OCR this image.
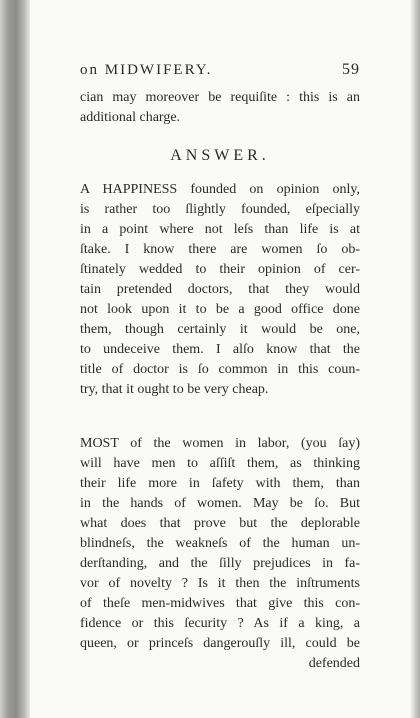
on MIDWIFERY.	59
cian may moreover be requiſite : this is an
additional charge.
ANSWER.
A HAPPINESS founded on opinion only,
is rather too ſlightly founded, eſpecially
in a point where not leſs than life is at
ſtake. I know there are women ſo ob-
ſtinately wedded to their opinion of cer-
tain pretended doctors, that they would
not look upon it to be a good office done
them, though certainly it would be one,
to undeceive them. I alſo know that the
title of doctor is ſo common in this coun-
try, that it ought to be very cheap.
MOST of the women in labor, (you ſay)
will have men to aſſiſt them, as thinking
their life more in ſafety with them, than
in the hands of women. May be ſo. But
what does that prove but the deplorable
blindneſs, the weakneſs of the human un-
derſtanding, and the ſilly prejudices in fa-
vor of novelty ? Is it then the inſtruments
of theſe men-midwives that give this con-
fidence or this ſecurity ? As if a king, a
queen, or princeſs dangerouſly ill, could be
defended
